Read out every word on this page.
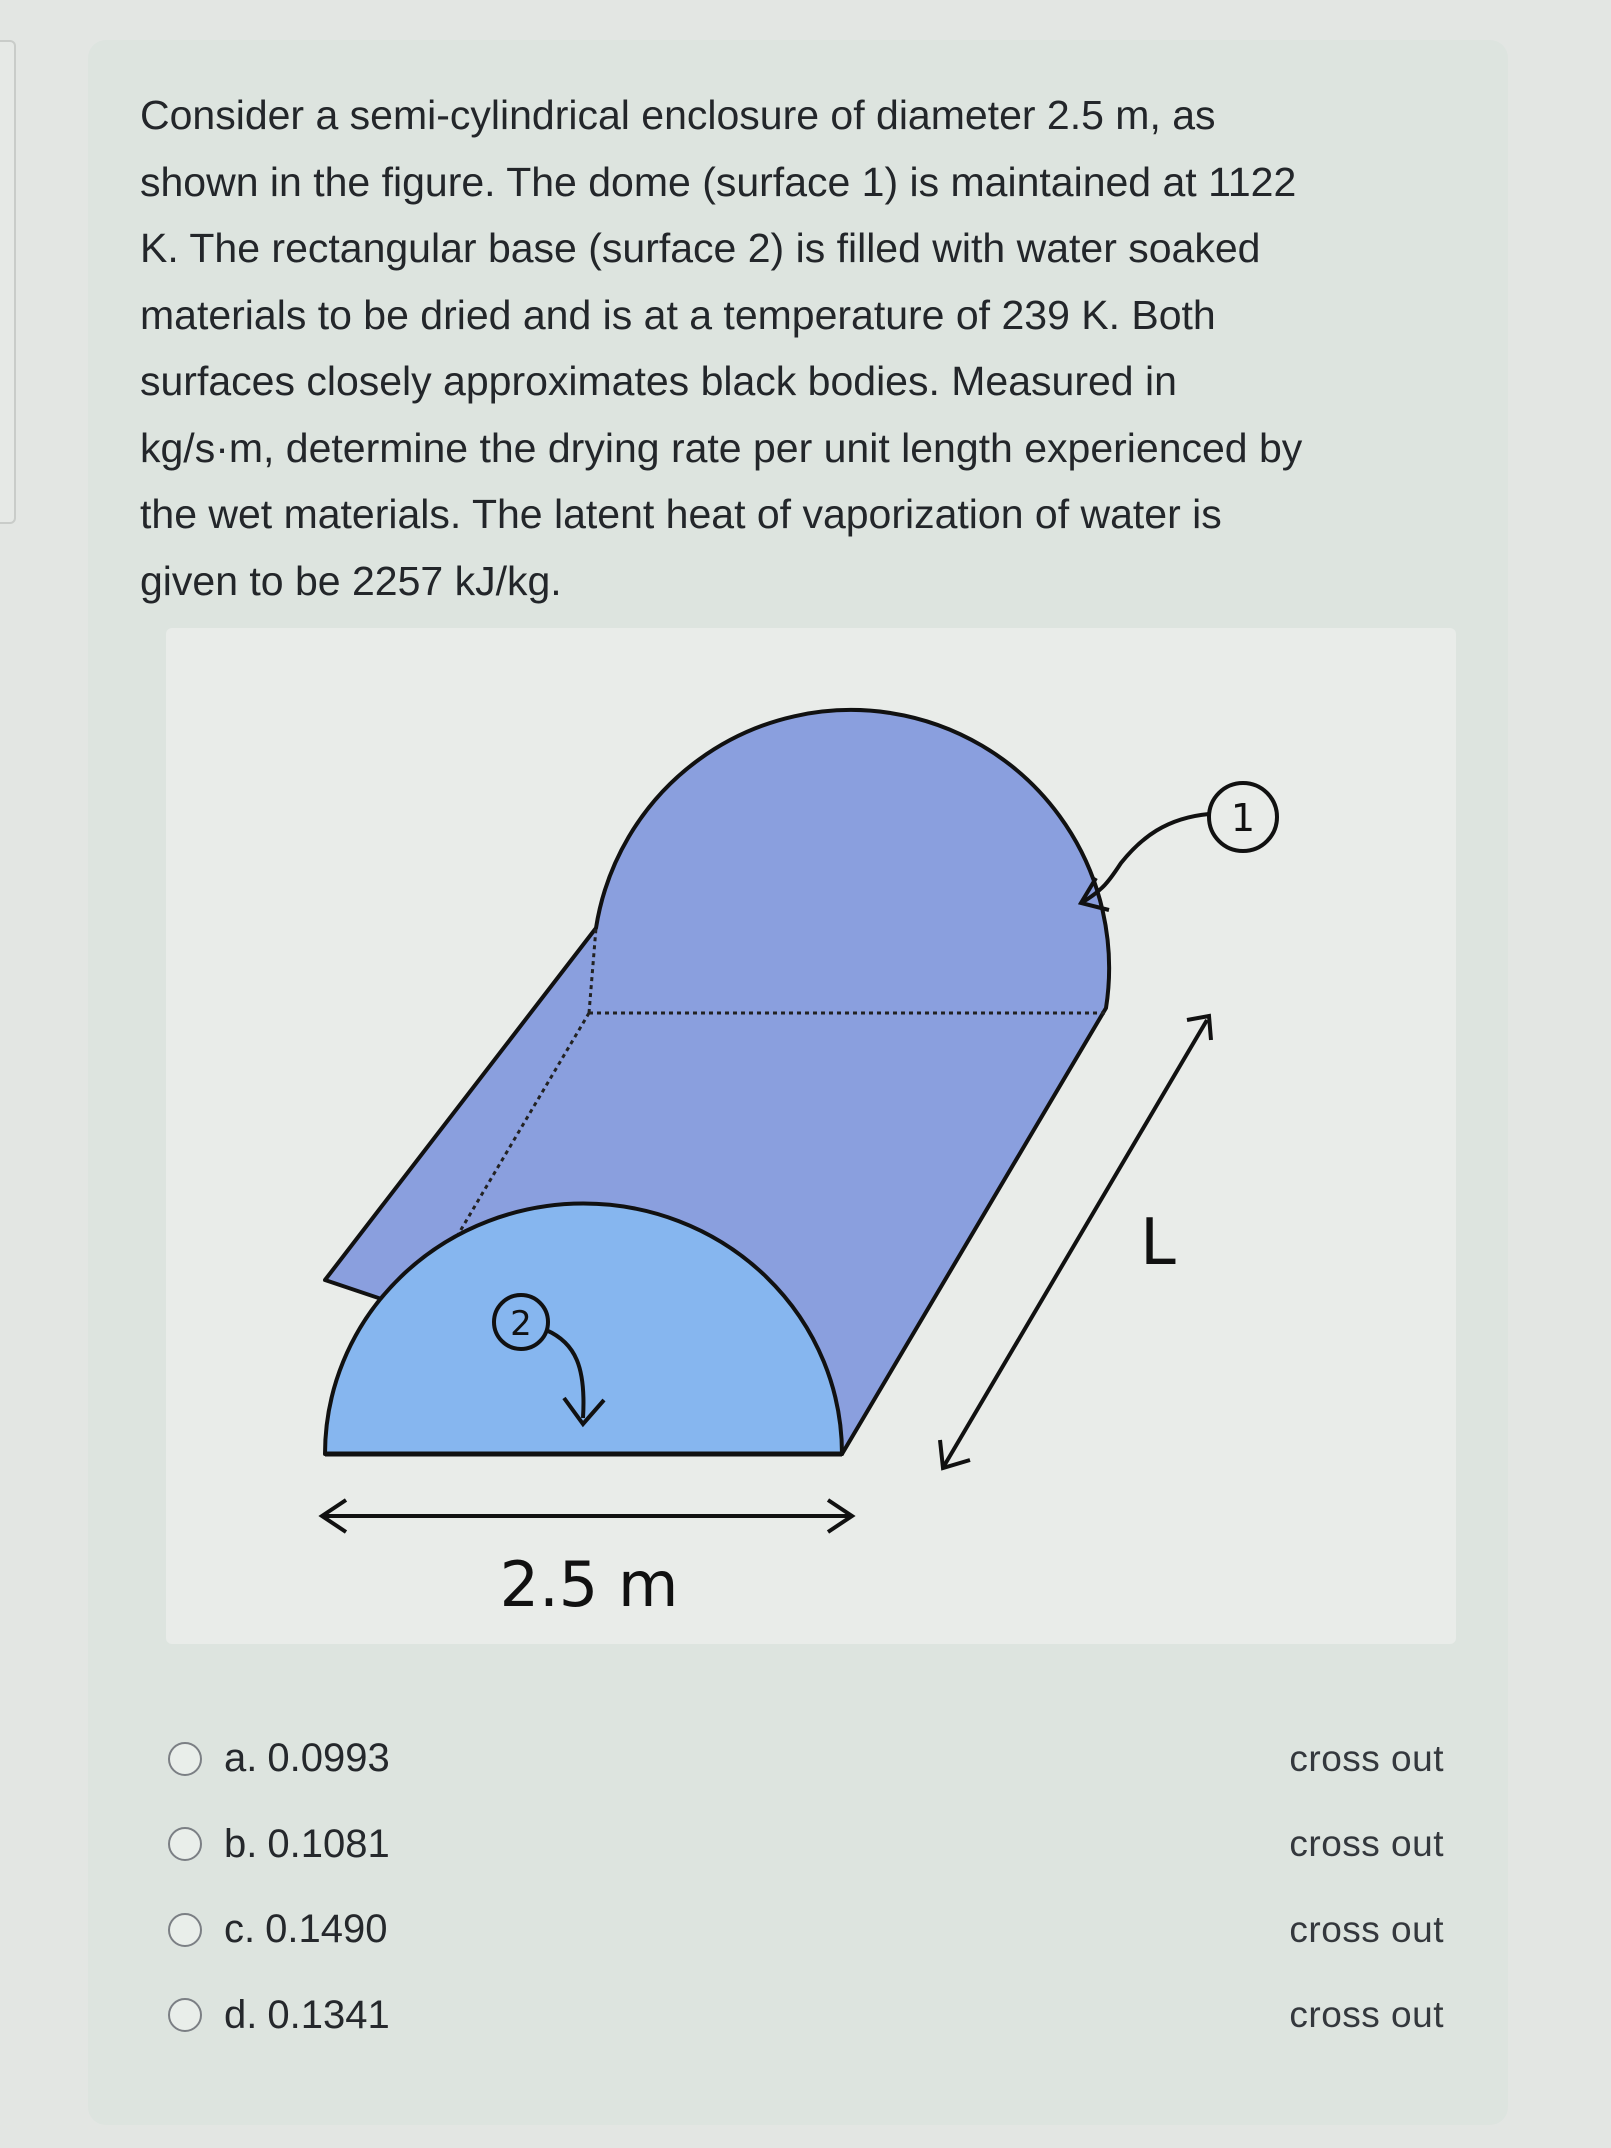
Consider a semi-cylindrical enclosure of diameter 2.5 m, as
shown in the figure. The dome (surface 1) is maintained at 1122
K. The rectangular base (surface 2) is filled with water soaked
materials to be dried and is at a temperature of 239 K. Both
surfaces closely approximates black bodies. Measured in
kg/s·m, determine the drying rate per unit length experienced by
the wet materials. The latent heat of vaporization of water is
given to be 2257 kJ/kg.

1
2
L
2.5 m
a. 0.0993	cross out
b. 0.1081	cross out
c. 0.1490	cross out
d. 0.1341	cross out
